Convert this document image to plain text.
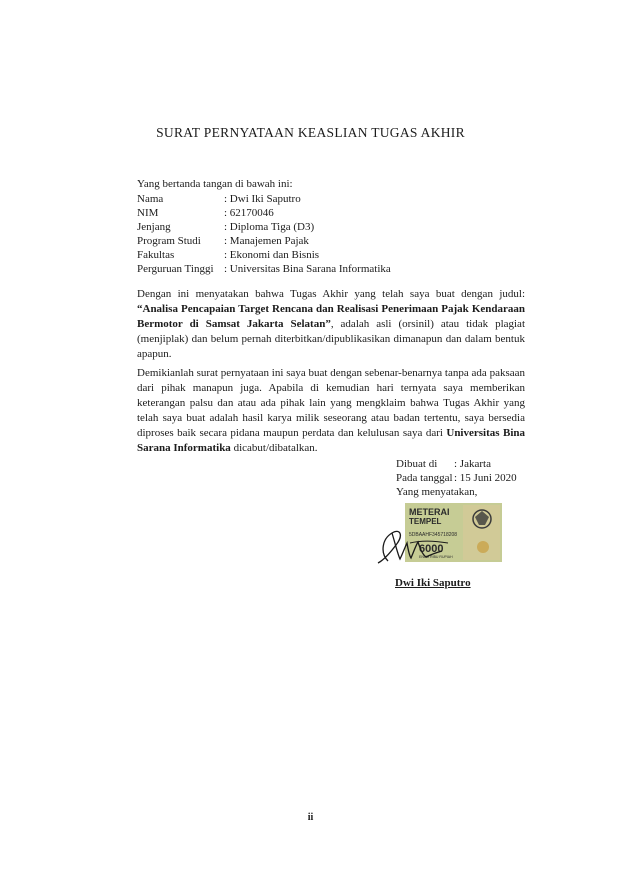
SURAT PERNYATAAN KEASLIAN TUGAS AKHIR
Yang bertanda tangan di bawah ini:
Nama	: Dwi Iki Saputro
NIM	: 62170046
Jenjang	: Diploma Tiga (D3)
Program Studi : Manajemen Pajak
Fakultas	: Ekonomi dan Bisnis
Perguruan Tinggi : Universitas Bina Sarana Informatika

Dengan ini menyatakan bahwa Tugas Akhir yang telah saya buat dengan judul: “Analisa Pencapaian Target Rencana dan Realisasi Penerimaan Pajak Kendaraan Bermotor di Samsat Jakarta Selatan”, adalah asli (orsinil) atau tidak plagiat (menjiplak) dan belum pernah diterbitkan/dipublikasikan dimanapun dan dalam bentuk apapun.

Demikianlah surat pernyataan ini saya buat dengan sebenar-benarnya tanpa ada paksaan dari pihak manapun juga. Apabila di kemudian hari ternyata saya memberikan keterangan palsu dan atau ada pihak lain yang mengklaim bahwa Tugas Akhir yang telah saya buat adalah hasil karya milik seseorang atau badan tertentu, saya bersedia diproses baik secara pidana maupun perdata dan kelulusan saya dari Universitas Bina Sarana Informatika dicabut/dibatalkan.

Dibuat di : Jakarta
Pada tanggal : 15 Juni 2020
Yang menyatakan,
METERAI
TEMPEL
5DBAAHF345718208
6000
ENAM RIBU RUPIAH
Dwi Iki Saputro
ii
